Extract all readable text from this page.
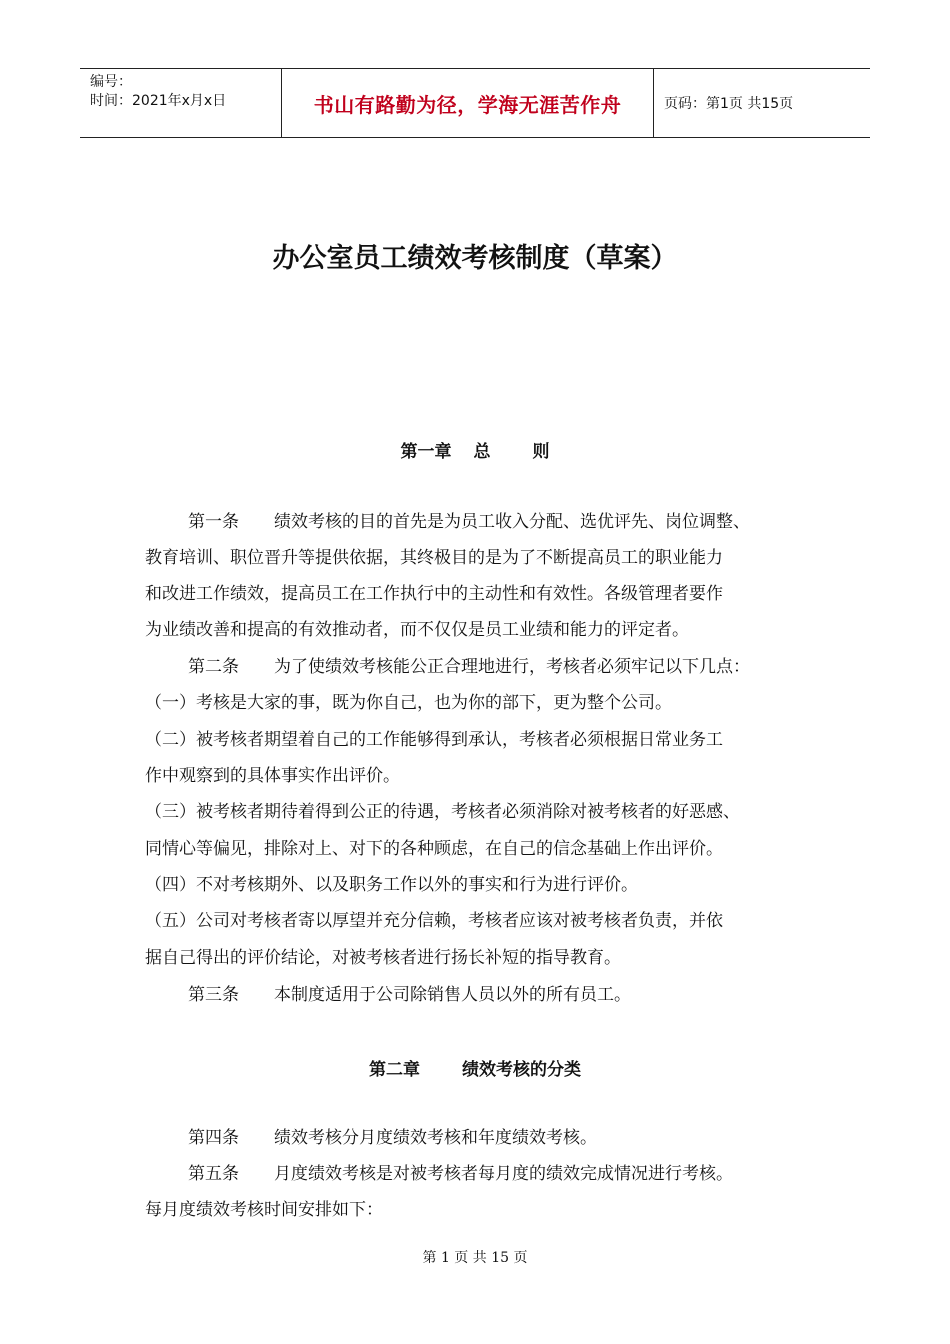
编号：
时间：2021年x月x日	书山有路勤为径，学海无涯苦作舟	页码：第1页 共15页
办公室员工绩效考核制度（草案）
第一章 总 则
第一条 绩效考核的目的首先是为员工收入分配、选优评先、岗位调整、
教育培训、职位晋升等提供依据，其终极目的是为了不断提高员工的职业能力
和改进工作绩效，提高员工在工作执行中的主动性和有效性。各级管理者要作
为业绩改善和提高的有效推动者，而不仅仅是员工业绩和能力的评定者。
第二条 为了使绩效考核能公正合理地进行，考核者必须牢记以下几点：
（一）考核是大家的事，既为你自己，也为你的部下，更为整个公司。
（二）被考核者期望着自己的工作能够得到承认，考核者必须根据日常业务工
作中观察到的具体事实作出评价。
（三）被考核者期待着得到公正的待遇，考核者必须消除对被考核者的好恶感、
同情心等偏见，排除对上、对下的各种顾虑，在自己的信念基础上作出评价。
（四）不对考核期外、以及职务工作以外的事实和行为进行评价。
（五）公司对考核者寄以厚望并充分信赖，考核者应该对被考核者负责，并依
据自己得出的评价结论，对被考核者进行扬长补短的指导教育。
第三条 本制度适用于公司除销售人员以外的所有员工。
第二章 绩效考核的分类
第四条 绩效考核分月度绩效考核和年度绩效考核。
第五条 月度绩效考核是对被考核者每月度的绩效完成情况进行考核。
每月度绩效考核时间安排如下：
第 1 页 共 15 页
